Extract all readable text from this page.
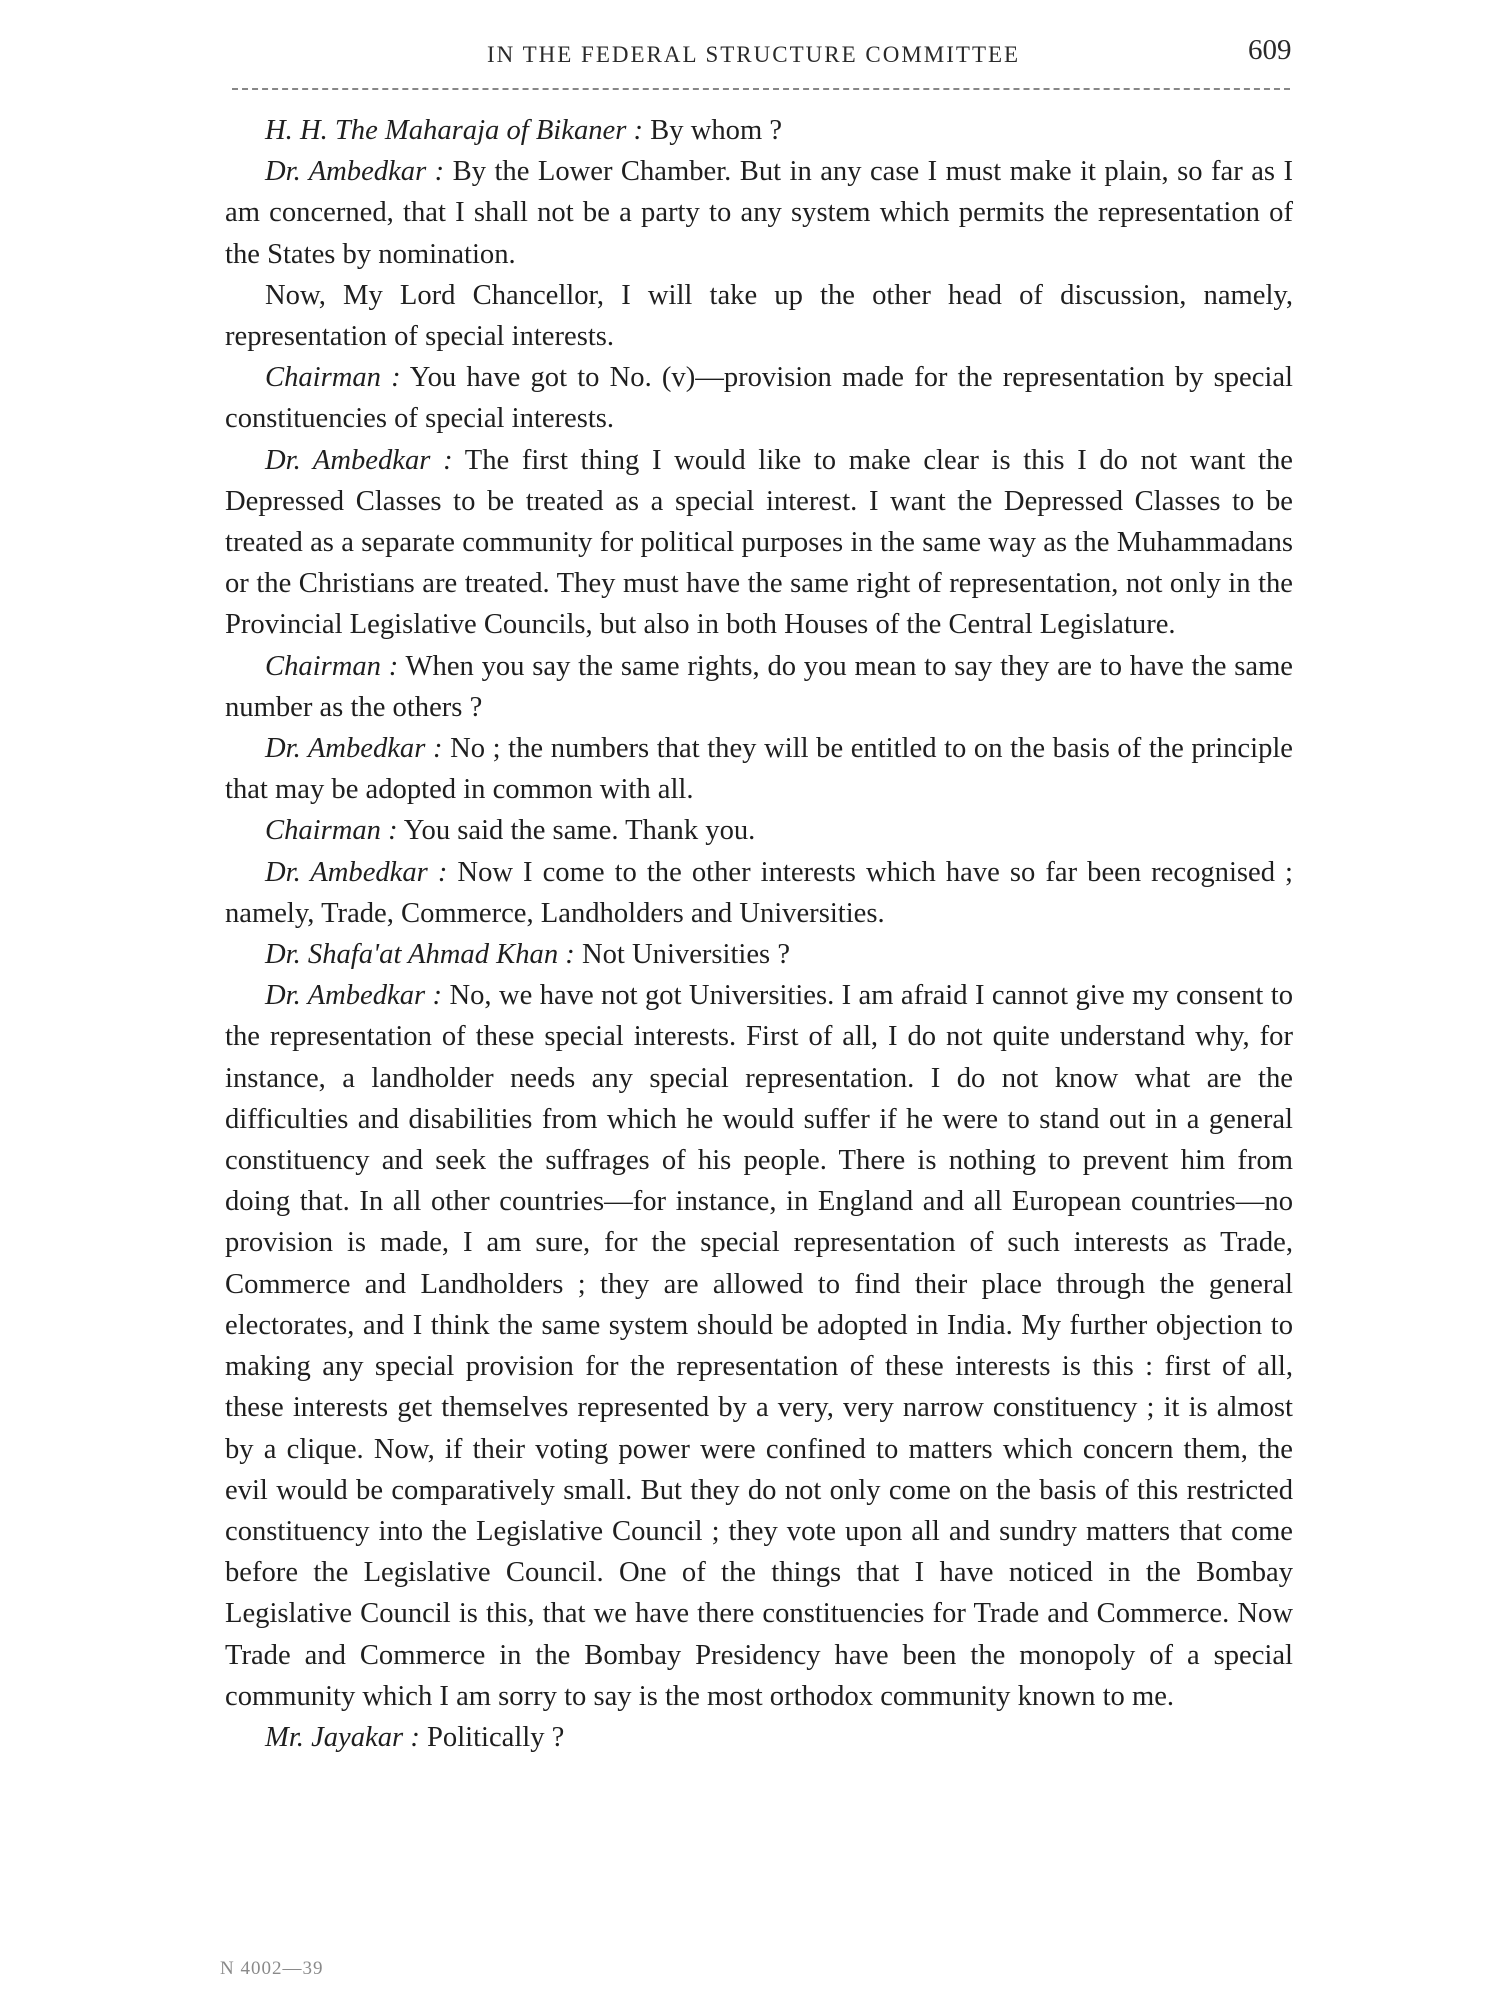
IN THE FEDERAL STRUCTURE COMMITTEE	609

H. H. The Maharaja of Bikaner : By whom ?

Dr. Ambedkar : By the Lower Chamber. But in any case I must make it plain, so far as I am concerned, that I shall not be a party to any system which permits the representation of the States by nomination.

Now, My Lord Chancellor, I will take up the other head of discussion, namely, representation of special interests.

Chairman : You have got to No. (v)—provision made for the representation by special constituencies of special interests.

Dr. Ambedkar : The first thing I would like to make clear is this I do not want the Depressed Classes to be treated as a special interest. I want the Depressed Classes to be treated as a separate community for political purposes in the same way as the Muhammadans or the Christians are treated. They must have the same right of representation, not only in the Provincial Legislative Councils, but also in both Houses of the Central Legislature.

Chairman : When you say the same rights, do you mean to say they are to have the same number as the others ?

Dr. Ambedkar : No ; the numbers that they will be entitled to on the basis of the principle that may be adopted in common with all.

Chairman : You said the same. Thank you.

Dr. Ambedkar : Now I come to the other interests which have so far been recognised ; namely, Trade, Commerce, Landholders and Universities.

Dr. Shafa'at Ahmad Khan : Not Universities ?

Dr. Ambedkar : No, we have not got Universities. I am afraid I cannot give my consent to the representation of these special interests. First of all, I do not quite understand why, for instance, a landholder needs any special representation. I do not know what are the difficulties and disabilities from which he would suffer if he were to stand out in a general constituency and seek the suffrages of his people. There is nothing to prevent him from doing that. In all other countries—for instance, in England and all European countries—no provision is made, I am sure, for the special representation of such interests as Trade, Commerce and Landholders ; they are allowed to find their place through the general electorates, and I think the same system should be adopted in India. My further objection to making any special provision for the representation of these interests is this : first of all, these interests get themselves represented by a very, very narrow constituency ; it is almost by a clique. Now, if their voting power were confined to matters which concern them, the evil would be comparatively small. But they do not only come on the basis of this restricted constituency into the Legislative Council ; they vote upon all and sundry matters that come before the Legislative Council. One of the things that I have noticed in the Bombay Legislative Council is this, that we have there constituencies for Trade and Commerce. Now Trade and Commerce in the Bombay Presidency have been the monopoly of a special community which I am sorry to say is the most orthodox community known to me.

Mr. Jayakar : Politically ?

N 4002—39
